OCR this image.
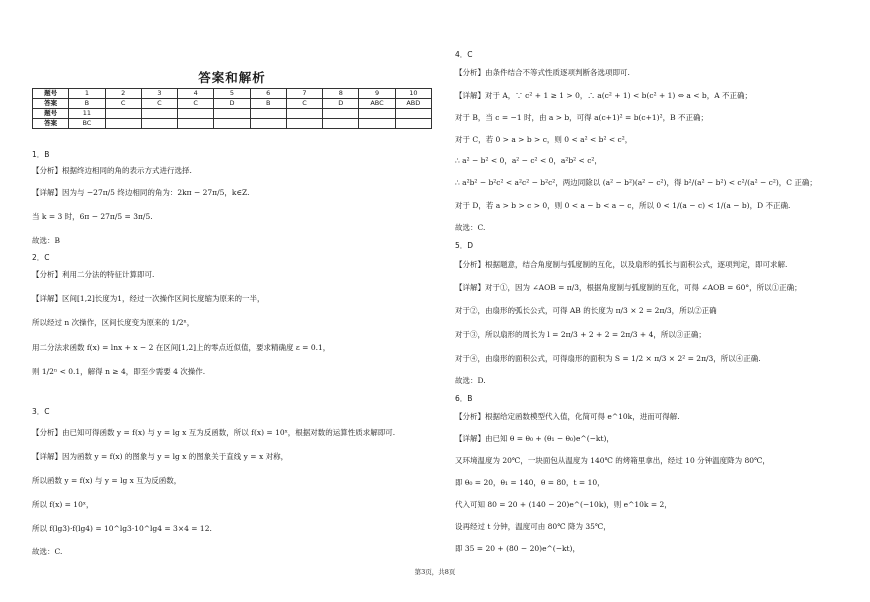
答案和解析
题号	1	2	3	4	5	6	7	8	9	10
答案	B	C	C	C	D	B	C	D	ABC	ABD
题号	11									
答案	BC									
1．B
【分析】根据终边相同的角的表示方式进行选择.
【详解】因为与 −27π/5 终边相同的角为：2kπ − 27π/5，k∈Z.
当 k = 3 时，6π − 27π/5 = 3π/5.
故选：B
2．C
【分析】利用二分法的特征计算即可.
【详解】区间[1,2]长度为1，经过一次操作区间长度缩为原来的一半，
所以经过 n 次操作，区间长度变为原来的 1/2ⁿ，
用二分法求函数 f(x) = lnx + x − 2 在区间[1,2]上的零点近似值，要求精确度 ε = 0.1，
则 1/2ⁿ < 0.1，解得 n ≥ 4，即至少需要 4 次操作.
3．C
【分析】由已知可得函数 y = f(x) 与 y = lg x 互为反函数，所以 f(x) = 10ˣ，根据对数的运算性质求解即可.
【详解】因为函数 y = f(x) 的图象与 y = lg x 的图象关于直线 y = x 对称，
所以函数 y = f(x) 与 y = lg x 互为反函数，
所以 f(x) = 10ˣ，
所以 f(lg3)·f(lg4) = 10^lg3·10^lg4 = 3×4 = 12.
故选：C.
4．C
【分析】由条件结合不等式性质逐项判断各选项即可.
【详解】对于 A，∵ c² + 1 ≥ 1 > 0，∴ a(c² + 1) < b(c² + 1) ⇔ a < b，A 不正确；
对于 B，当 c = −1 时，由 a > b，可得 a(c+1)² = b(c+1)²，B 不正确；
对于 C，若 0 > a > b > c，则 0 < a² < b² < c²，
∴ a² − b² < 0，a² − c² < 0，a²b² < c²，
∴ a²b² − b²c² < a²c² − b²c²，两边同除以 (a² − b²)(a² − c²)，得 b²/(a² − b²) < c²/(a² − c²)，C 正确；
对于 D，若 a > b > c > 0，则 0 < a − b < a − c，所以 0 < 1/(a − c) < 1/(a − b)，D 不正确.
故选：C.
5．D
【分析】根据题意，结合角度制与弧度制的互化，以及扇形的弧长与面积公式，逐项判定，即可求解.
【详解】对于①，因为 ∠AOB = π/3，根据角度制与弧度制的互化，可得 ∠AOB = 60°，所以①正确；
对于②，由扇形的弧长公式，可得 AB 的长度为 π/3 × 2 = 2π/3，所以②正确
对于③，所以扇形的周长为 l = 2π/3 + 2 + 2 = 2π/3 + 4，所以③正确；
对于④，由扇形的面积公式，可得扇形的面积为 S = 1/2 × π/3 × 2² = 2π/3，所以④正确.
故选：D.
6．B
【分析】根据给定函数模型代入值，化简可得 e^10k，进而可得解.
【详解】由已知 θ = θ₀ + (θ₁ − θ₀)e^(−kt)，
又环境温度为 20℃，一块面包从温度为 140℃ 的烤箱里拿出，经过 10 分钟温度降为 80℃，
即 θ₀ = 20，θ₁ = 140，θ = 80，t = 10，
代入可知 80 = 20 + (140 − 20)e^(−10k)，则 e^10k = 2，
设再经过 t 分钟，温度可由 80℃ 降为 35℃，
即 35 = 20 + (80 − 20)e^(−kt)，
第3页，共8页
